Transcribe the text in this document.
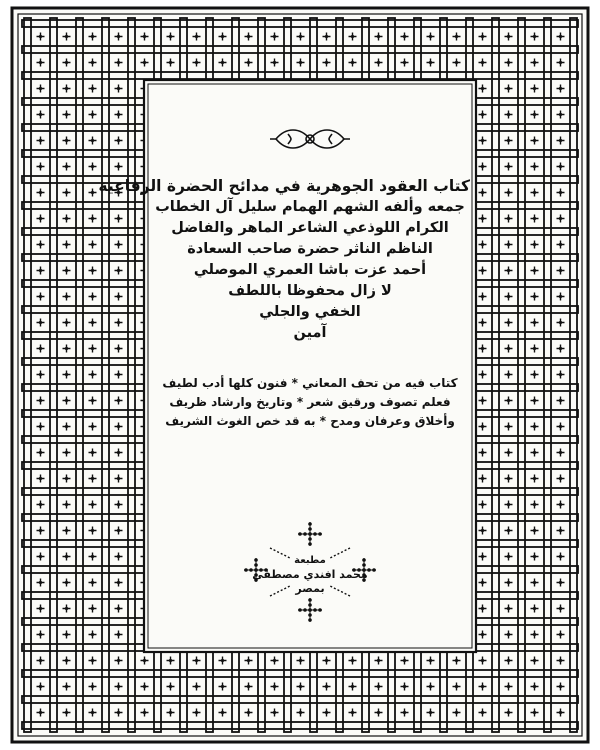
كتاب العقود الجوهرية في مدائح الحضرة الرفاعية
جمعه وألفه الشهم الهمام سليل آل الخطاب
الكرام اللوذعي الشاعر الماهر والفاضل
الناظم الناثر حضرة صاحب السعادة
أحمد عزت باشا العمري الموصلي
لا زال محفوظا باللطف
الخفي والجلي
آمين
كتاب فيه من تحف المعاني * فنون كلها أدب لطيف
فعلم تصوف ورقيق شعر * وتاريخ وارشاد ظريف
وأخلاق وعرفان ومدح * به قد خص الغوث الشريف
مطبعة
محمد افندي مصطفى
بمصر
